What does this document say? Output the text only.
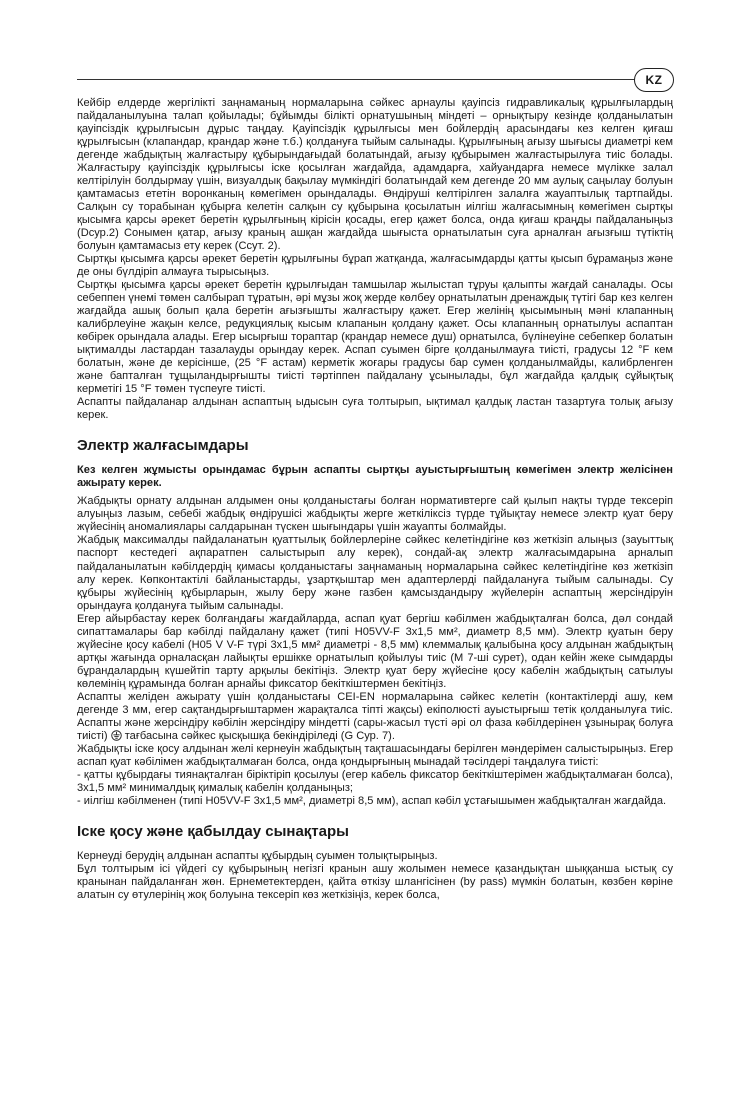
KZ

Кейбір елдерде жергілікті заңнаманың нормаларына сәйкес арнаулы қауіпсіз гидравликалық құрылғылардың пайдаланылуына талап қойылады; бұйымды білікті орнатушының міндеті – орнықтыру кезінде қолданылатын қауіпсіздік құрылғысын дұрыс таңдау. Қауіпсіздік құрылғысы мен бойлердің арасындағы кез келген қиғаш құрылғысын (клапандар, крандар және т.б.) қолдануға тыйым салынады. Құрылғының ағызу шығысы диаметрі кем дегенде жабдықтың жалғастыру құбырындағыдай болатындай, ағызу құбырымен жалғастырылуға тиіс болады. Жалғастыру қауіпсіздік құрылғысы іске қосылған жағдайда, адамдарға, хайуандарға немесе мүлікке залал келтірілуін болдырмау үшін, визуалдық бақылау мүмкіндігі болатындай кем дегенде 20 мм аулық саңылау болуын қамтамасыз ететін воронканың көмегімен орындалады. Өндіруші келтірілген залалға жауаптылық тартпайды. Салқын су торабынан құбырға келетін салқын су құбырына қосылатын иілгіш жалғасымның көмегімен сыртқы қысымға қарсы әрекет беретін құрылғының кірісін қосады, егер қажет болса, онда қиғаш краңды пайдаланыңыз (Dсур.2) Сонымен қатар, ағызу краның ашқан жағдайда шығыста орнатылатын суға арналған ағызғыш түтіктің болуын қамтамасыз ету керек (Ссут. 2).

Сыртқы қысымға қарсы әрекет беретін құрылғыны бұрап жатқанда, жалғасымдарды қатты қысып бұрамаңыз және де оны бүлдіріп алмауға тырысыңыз.

Сыртқы қысымға қарсы әрекет беретін құрылғыдан тамшылар жылыстап тұруы қалыпты жағдай саналады. Осы себеппен үнемі төмен салбырап тұратын, әрі мұзы жоқ жерде көлбеу орнатылатын дренаждық түтігі бар кез келген жағдайда ашық болып қала беретін ағызғышты жалғастыру қажет. Егер желінің қысымының мәні клапанның калибрлеуіне жақын келсе, редукциялық кысым клапанын қолдану қажет. Осы клапанның орнатылуы аспаптан көбірек орындала алады. Егер ысырғыш тораптар (крандар немесе душ) орнатылса, бүлінеуіне себепкер болатын ықтималды ластардан тазалауды орындау керек. Аспап суымен бірге қолданылмауға тиісті, градусы 12 °F кем болатын, және де керісінше, (25 °F астам) керметік жоғары градусы бар сумен қолданылмайды, калибрленген және бапталған тұщыландырғышты тиісті тәртіппен пайдалану ұсынылады, бұл жағдайда қалдық сұйықтық керметігі 15 °F төмен түспеуге тиісті.

Аспапты пайдаланар алдынан аспаптың ыдысын суға толтырып, ықтимал қалдық ластан тазартуға толық ағызу керек.

Электр жалғасымдары

Кез келген жұмысты орындамас бұрын аспапты сыртқы ауыстырғыштың көмегімен электр желісінен ажырату керек.

Жабдықты орнату алдынан алдымен оны қолданыстағы болған нормативтерге сай қылып нақты түрде тексеріп алуыңыз лазым, себебі жабдық өндірушісі жабдықты жерге жеткіліксіз түрде тұйықтау немесе электр қуат беру жүйесінің аномалиялары салдарынан түскен шығындары үшін жауапты болмайды.

Жабдық максималды пайдаланатын қуаттылық бойлерлеріне сәйкес келетіндігіне көз жеткізіп алыңыз (зауыттық паспорт кестедегі ақпаратпен салыстырып алу керек), сондай-ақ электр жалғасымдарына арналып пайдаланылатын кәбілдердің қимасы қолданыстағы заңнаманың нормаларына сәйкес келетіндігіне көз жеткізіп алу керек. Көпконтактілі байланыстарды, ұзартқыштар мен адаптерлерді пайдалануға тыйым салынады. Су құбыры жүйесінің құбырларын, жылу беру және газбен қамсыздандыру жүйелерін аспаптың жерсіндіруін орындауға қолдануға тыйым салынады.

Егер айырбастау керек болғандағы жағдайларда, аспап қуат бергіш кәбілмен жабдықталған болса, дәл сондай сипаттамалары бар кәбілді пайдалану қажет (типі H05VV-F 3x1,5 мм², диаметр 8,5 мм). Электр қуатын беру жүйесіне қосу кабелі (H05 V V-F түрі 3x1,5 мм² диаметрі - 8,5 мм) клеммалық қалыбына қосу алдынан жабдықтың артқы жағында орналасқан лайықты ершікке орнатылып қойылуы тиіс (M 7-ші сурет), одан кейін жеке сымдарды бұрандалардың күшейтіп тарту арқылы бекітіңіз. Электр қуат беру жүйесіне қосу кабелін жабдықтың сатылуы көлемінің құрамында болған арнайы фиксатор бекіткіштермен бекітіңіз.

Аспапты желіден ажырату үшін қолданыстағы CEI-EN нормаларына сәйкес келетін (контактілерді ашу, кем дегенде 3 мм, егер сақтандырғыштармен жарақталса тіпті жақсы) екіполюсті ауыстырғыш тетік қолданылуға тиіс. Аспапты және жерсіндіру кәбілін жерсіндіру міндетті (сары-жасыл түсті әрі ол фаза кәбілдерінен ұзынырақ болуға тиісті) тағбасына сәйкес қысқышқа бекіндіріледі (G Сур. 7).

Жабдықты іске қосу алдынан желі кернеуін жабдықтың тақташасындағы берілген мәндерімен салыстырыңыз. Егер аспап қуат кәбілімен жабдықталмаған болса, онда қондырғының мынадай тәсілдері таңдалуға тиісті:

- қатты құбырдағы тиянақталған біріктіріп қосылуы (егер кабель фиксатор бекіткіштерімен жабдықталмаған болса), 3х1,5 мм² минималдық қималық кабелін қолданыңыз;

- иілгіш кәбілменен (типі H05VV-F 3x1,5 мм², диаметрі 8,5 мм), аспап кәбіл ұстағышымен жабдықталған жағдайда.

Іске қосу және қабылдау сынақтары

Кернеуді берудің алдынан аспапты құбырдың суымен толықтырыңыз.

Бұл толтырым ісі үйдегі су құбырының негізгі кранын ашу жолымен немесе қазандықтан шыққанша ыстық су кранынан пайдаланған жөн. Ернеметектерден, қайта өткізу шлангісінен (by pass) мүмкін болатын, көзбен көріне алатын су өтулерінің жоқ болуына тексеріп көз жеткізіңіз, керек болса,
